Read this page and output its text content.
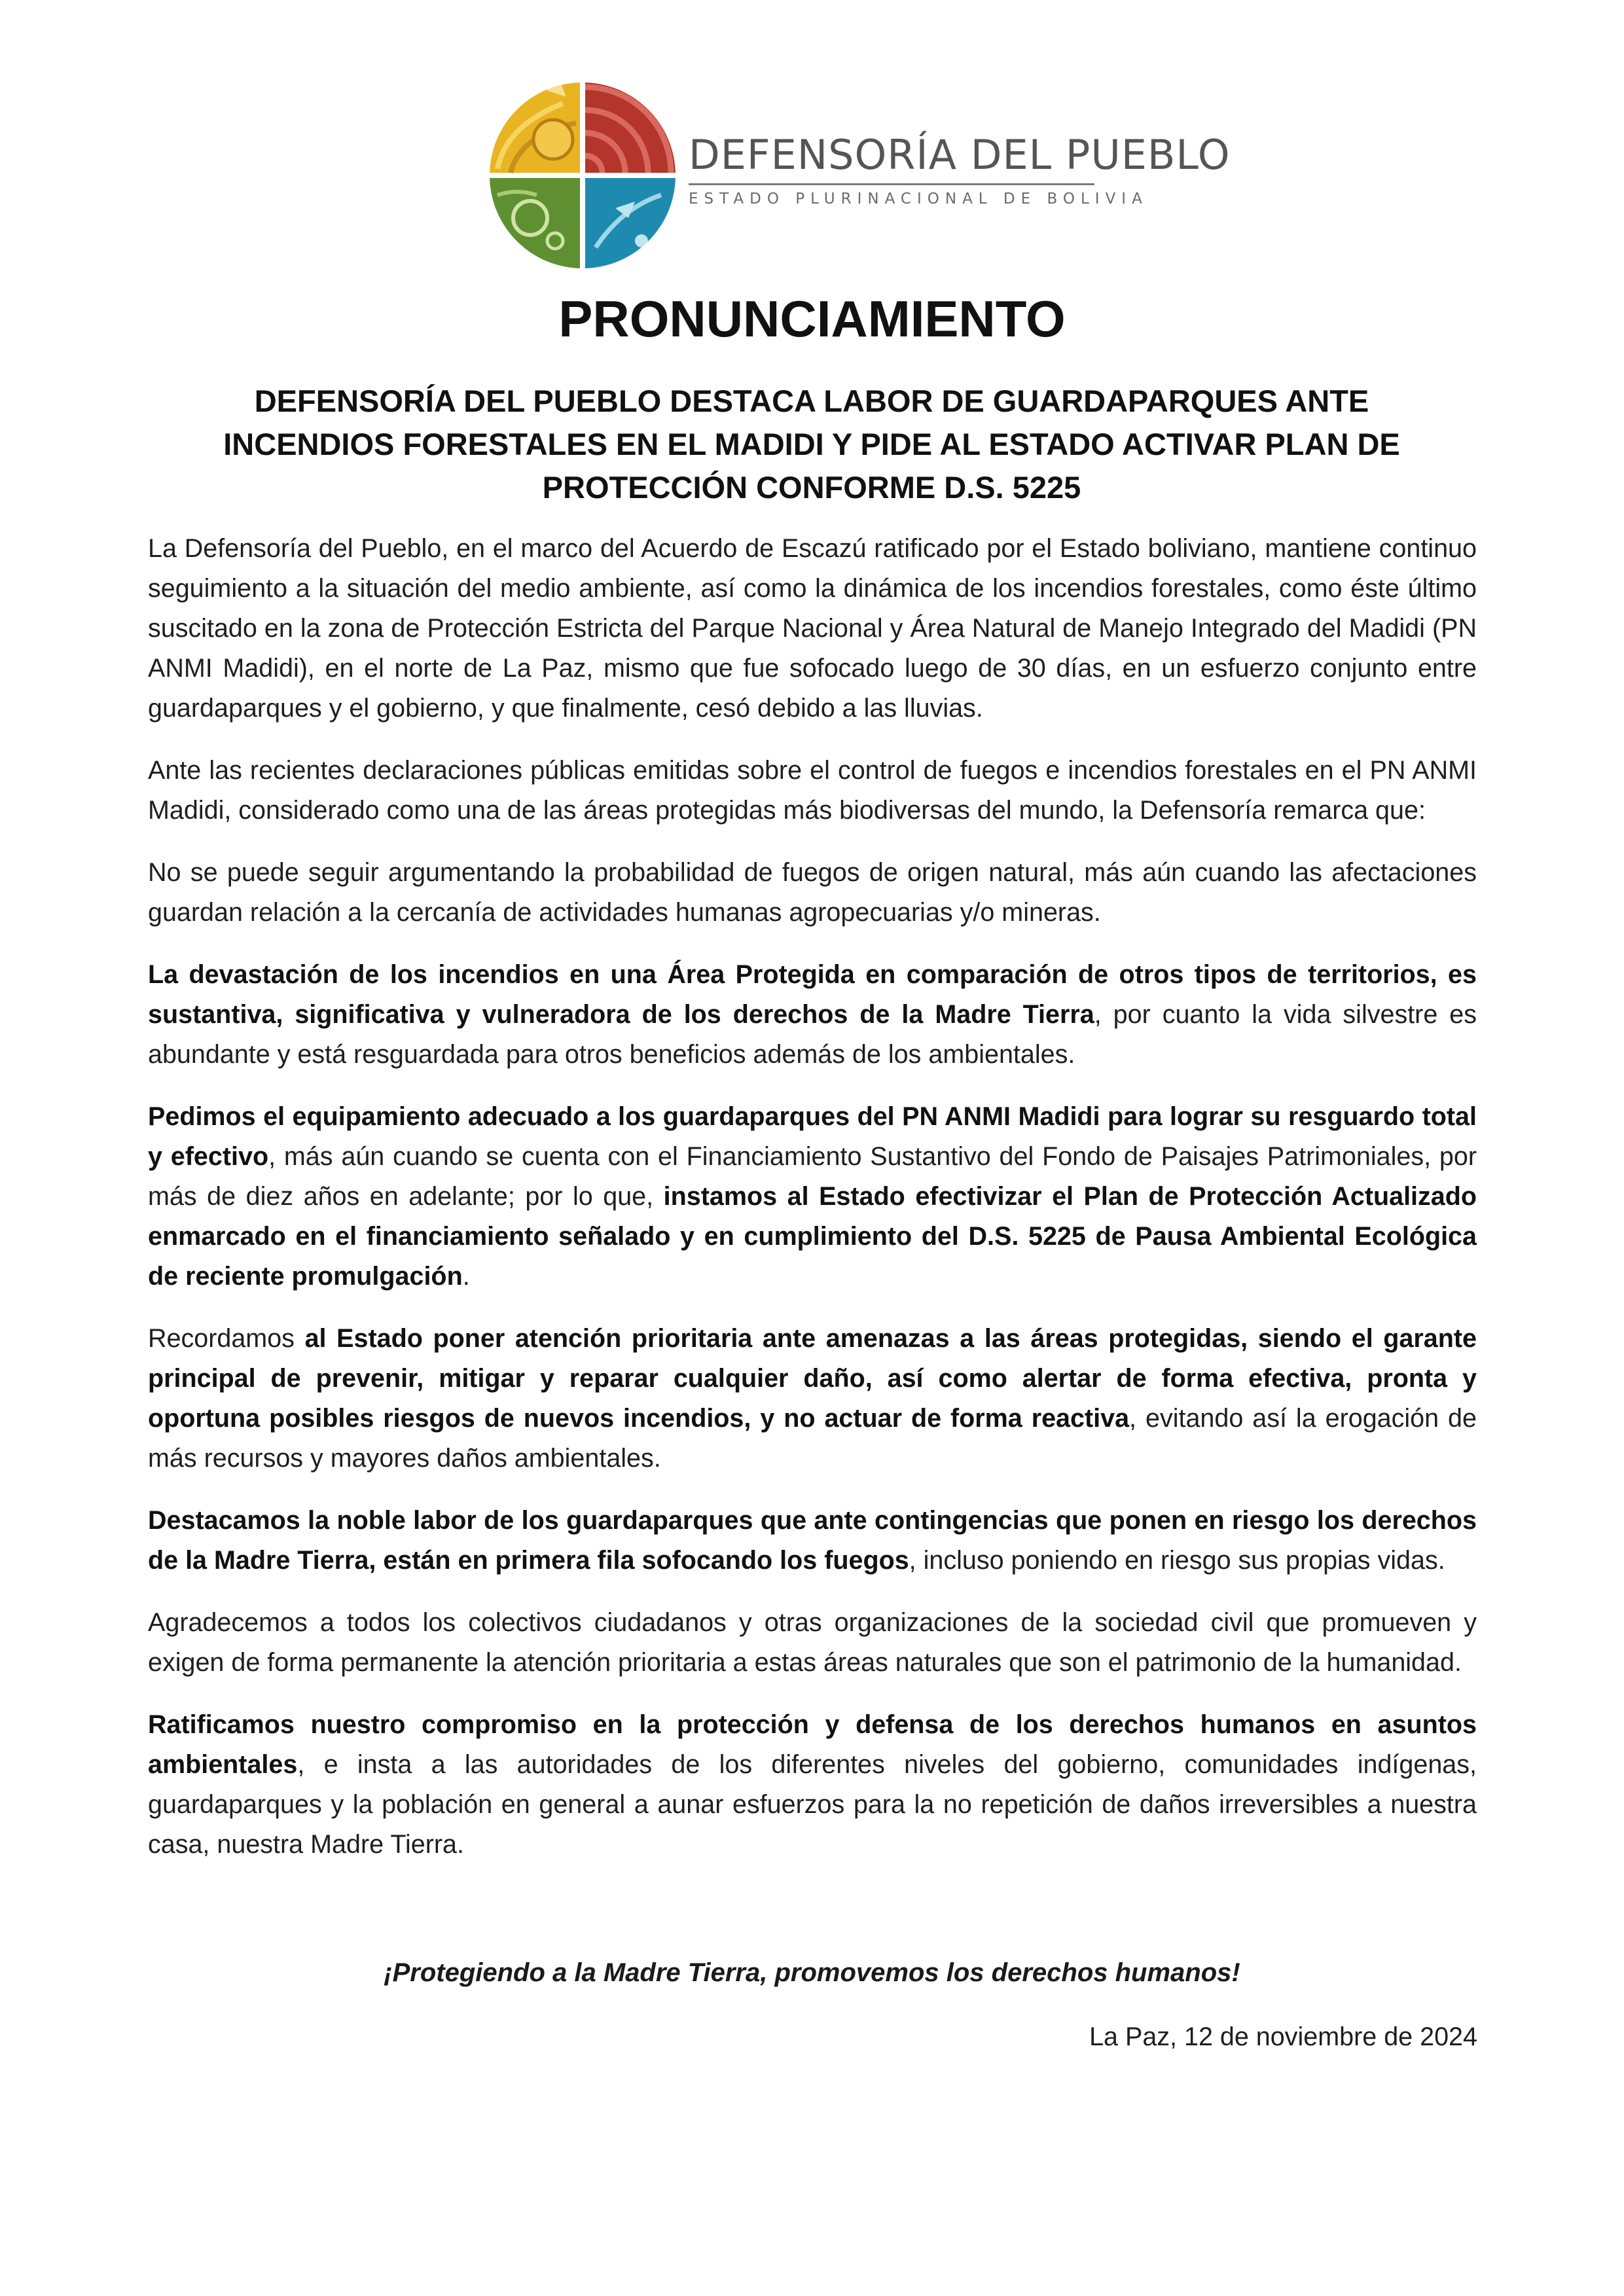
DEFENSORÍA DEL PUEBLO
ESTADO PLURINACIONAL DE BOLIVIA
PRONUNCIAMIENTO
DEFENSORÍA DEL PUEBLO DESTACA LABOR DE GUARDAPARQUES ANTE INCENDIOS FORESTALES EN EL MADIDI Y PIDE AL ESTADO ACTIVAR PLAN DE PROTECCIÓN CONFORME D.S. 5225

La Defensoría del Pueblo, en el marco del Acuerdo de Escazú ratificado por el Estado boliviano, mantiene continuo seguimiento a la situación del medio ambiente, así como la dinámica de los incendios forestales, como éste último suscitado en la zona de Protección Estricta del Parque Nacional y Área Natural de Manejo Integrado del Madidi (PN ANMI Madidi), en el norte de La Paz, mismo que fue sofocado luego de 30 días, en un esfuerzo conjunto entre guardaparques y el gobierno, y que finalmente, cesó debido a las lluvias.

Ante las recientes declaraciones públicas emitidas sobre el control de fuegos e incendios forestales en el PN ANMI Madidi, considerado como una de las áreas protegidas más biodiversas del mundo, la Defensoría remarca que:

No se puede seguir argumentando la probabilidad de fuegos de origen natural, más aún cuando las afectaciones guardan relación a la cercanía de actividades humanas agropecuarias y/o mineras.

La devastación de los incendios en una Área Protegida en comparación de otros tipos de territorios, es sustantiva, significativa y vulneradora de los derechos de la Madre Tierra, por cuanto la vida silvestre es abundante y está resguardada para otros beneficios además de los ambientales.

Pedimos el equipamiento adecuado a los guardaparques del PN ANMI Madidi para lograr su resguardo total y efectivo, más aún cuando se cuenta con el Financiamiento Sustantivo del Fondo de Paisajes Patrimoniales, por más de diez años en adelante; por lo que, instamos al Estado efectivizar el Plan de Protección Actualizado enmarcado en el financiamiento señalado y en cumplimiento del D.S. 5225 de Pausa Ambiental Ecológica de reciente promulgación.

Recordamos al Estado poner atención prioritaria ante amenazas a las áreas protegidas, siendo el garante principal de prevenir, mitigar y reparar cualquier daño, así como alertar de forma efectiva, pronta y oportuna posibles riesgos de nuevos incendios, y no actuar de forma reactiva, evitando así la erogación de más recursos y mayores daños ambientales.

Destacamos la noble labor de los guardaparques que ante contingencias que ponen en riesgo los derechos de la Madre Tierra, están en primera fila sofocando los fuegos, incluso poniendo en riesgo sus propias vidas.

Agradecemos a todos los colectivos ciudadanos y otras organizaciones de la sociedad civil que promueven y exigen de forma permanente la atención prioritaria a estas áreas naturales que son el patrimonio de la humanidad.

Ratificamos nuestro compromiso en la protección y defensa de los derechos humanos en asuntos ambientales, e insta a las autoridades de los diferentes niveles del gobierno, comunidades indígenas, guardaparques y la población en general a aunar esfuerzos para la no repetición de daños irreversibles a nuestra casa, nuestra Madre Tierra.

¡Protegiendo a la Madre Tierra, promovemos los derechos humanos!
La Paz, 12 de noviembre de 2024
